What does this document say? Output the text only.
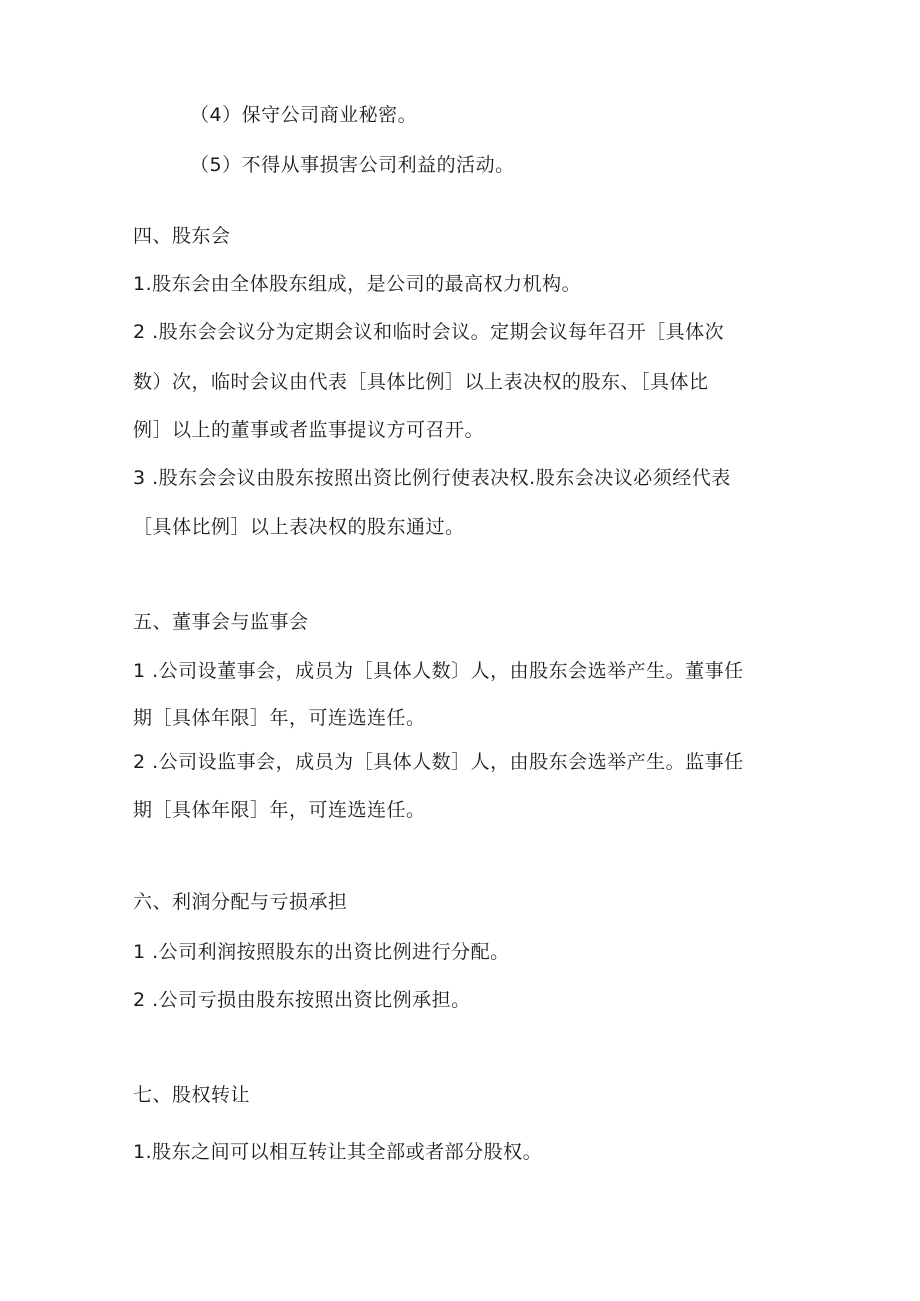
（4）保守公司商业秘密。
（5）不得从事损害公司利益的活动。
四、股东会
1.股东会由全体股东组成，是公司的最高权力机构。
2 .股东会会议分为定期会议和临时会议。定期会议每年召开［具体次
数）次，临时会议由代表［具体比例］以上表决权的股东、［具体比
例］以上的董事或者监事提议方可召开。
3 .股东会会议由股东按照出资比例行使表决权.股东会决议必须经代表
［具体比例］以上表决权的股东通过。
五、董事会与监事会
1 .公司设董事会，成员为［具体人数〕人，由股东会选举产生。董事任
期［具体年限］年，可连选连任。
2 .公司设监事会，成员为［具体人数］人，由股东会选举产生。监事任
期［具体年限］年，可连选连任。
六、利润分配与亏损承担
1 .公司利润按照股东的出资比例进行分配。
2 .公司亏损由股东按照出资比例承担。
七、股权转让
1.股东之间可以相互转让其全部或者部分股权。
